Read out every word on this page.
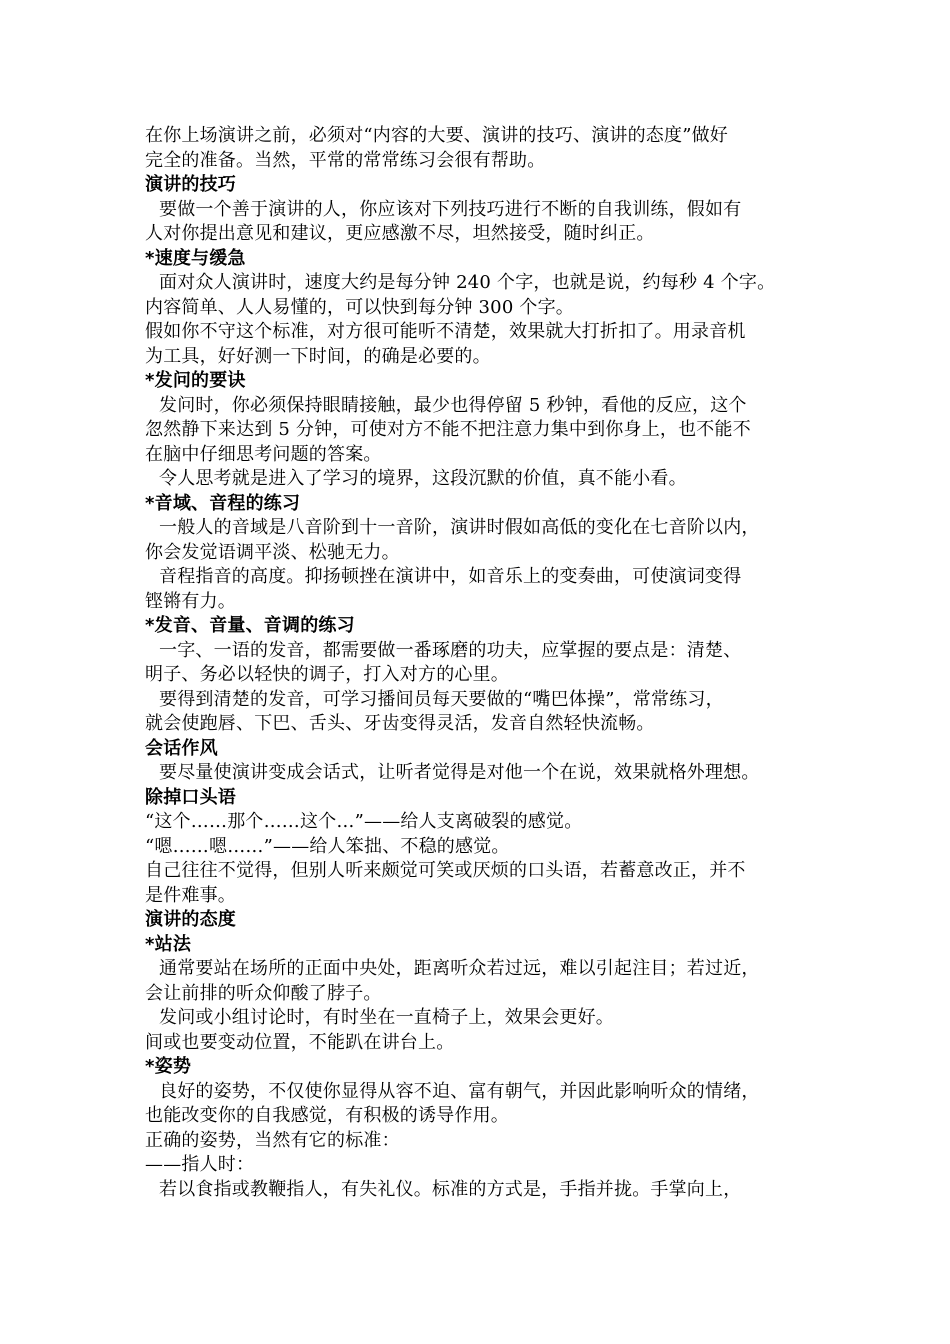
在你上场演讲之前，必须对“内容的大要、演讲的技巧、演讲的态度”做好
完全的准备。当然，平常的常常练习会很有帮助。
演讲的技巧
要做一个善于演讲的人，你应该对下列技巧进行不断的自我训练，假如有
人对你提出意见和建议，更应感激不尽，坦然接受，随时纠正。
*速度与缓急
面对众人演讲时，速度大约是每分钟 240 个字，也就是说，约每秒 4 个字。
内容简单、人人易懂的，可以快到每分钟 300 个字。
假如你不守这个标准，对方很可能听不清楚，效果就大打折扣了。用录音机
为工具，好好测一下时间，的确是必要的。
*发问的要诀
发问时，你必须保持眼睛接触，最少也得停留 5 秒钟，看他的反应，这个
忽然静下来达到 5 分钟，可使对方不能不把注意力集中到你身上，也不能不
在脑中仔细思考问题的答案。
令人思考就是进入了学习的境界，这段沉默的价值，真不能小看。
*音域、音程的练习
一般人的音域是八音阶到十一音阶，演讲时假如高低的变化在七音阶以内，
你会发觉语调平淡、松驰无力。
音程指音的高度。抑扬顿挫在演讲中，如音乐上的变奏曲，可使演词变得
铿锵有力。
*发音、音量、音调的练习
一字、一语的发音，都需要做一番琢磨的功夫，应掌握的要点是：清楚、
明子、务必以轻快的调子，打入对方的心里。
要得到清楚的发音，可学习播间员每天要做的“嘴巴体操”，常常练习，
就会使跑唇、下巴、舌头、牙齿变得灵活，发音自然轻快流畅。
会话作风
要尽量使演讲变成会话式，让听者觉得是对他一个在说，效果就格外理想。
除掉口头语
“这个……那个……这个…”——给人支离破裂的感觉。
“嗯……嗯……”——给人笨拙、不稳的感觉。
自己往往不觉得，但别人听来颇觉可笑或厌烦的口头语，若蓄意改正，并不
是件难事。
演讲的态度
*站法
通常要站在场所的正面中央处，距离听众若过远，难以引起注目；若过近，
会让前排的听众仰酸了脖子。
发问或小组讨论时，有时坐在一直椅子上，效果会更好。
间或也要变动位置，不能趴在讲台上。
*姿势
良好的姿势，不仅使你显得从容不迫、富有朝气，并因此影响听众的情绪，
也能改变你的自我感觉，有积极的诱导作用。
正确的姿势，当然有它的标准：
——指人时：
若以食指或教鞭指人，有失礼仪。标准的方式是，手指并拢。手掌向上，
